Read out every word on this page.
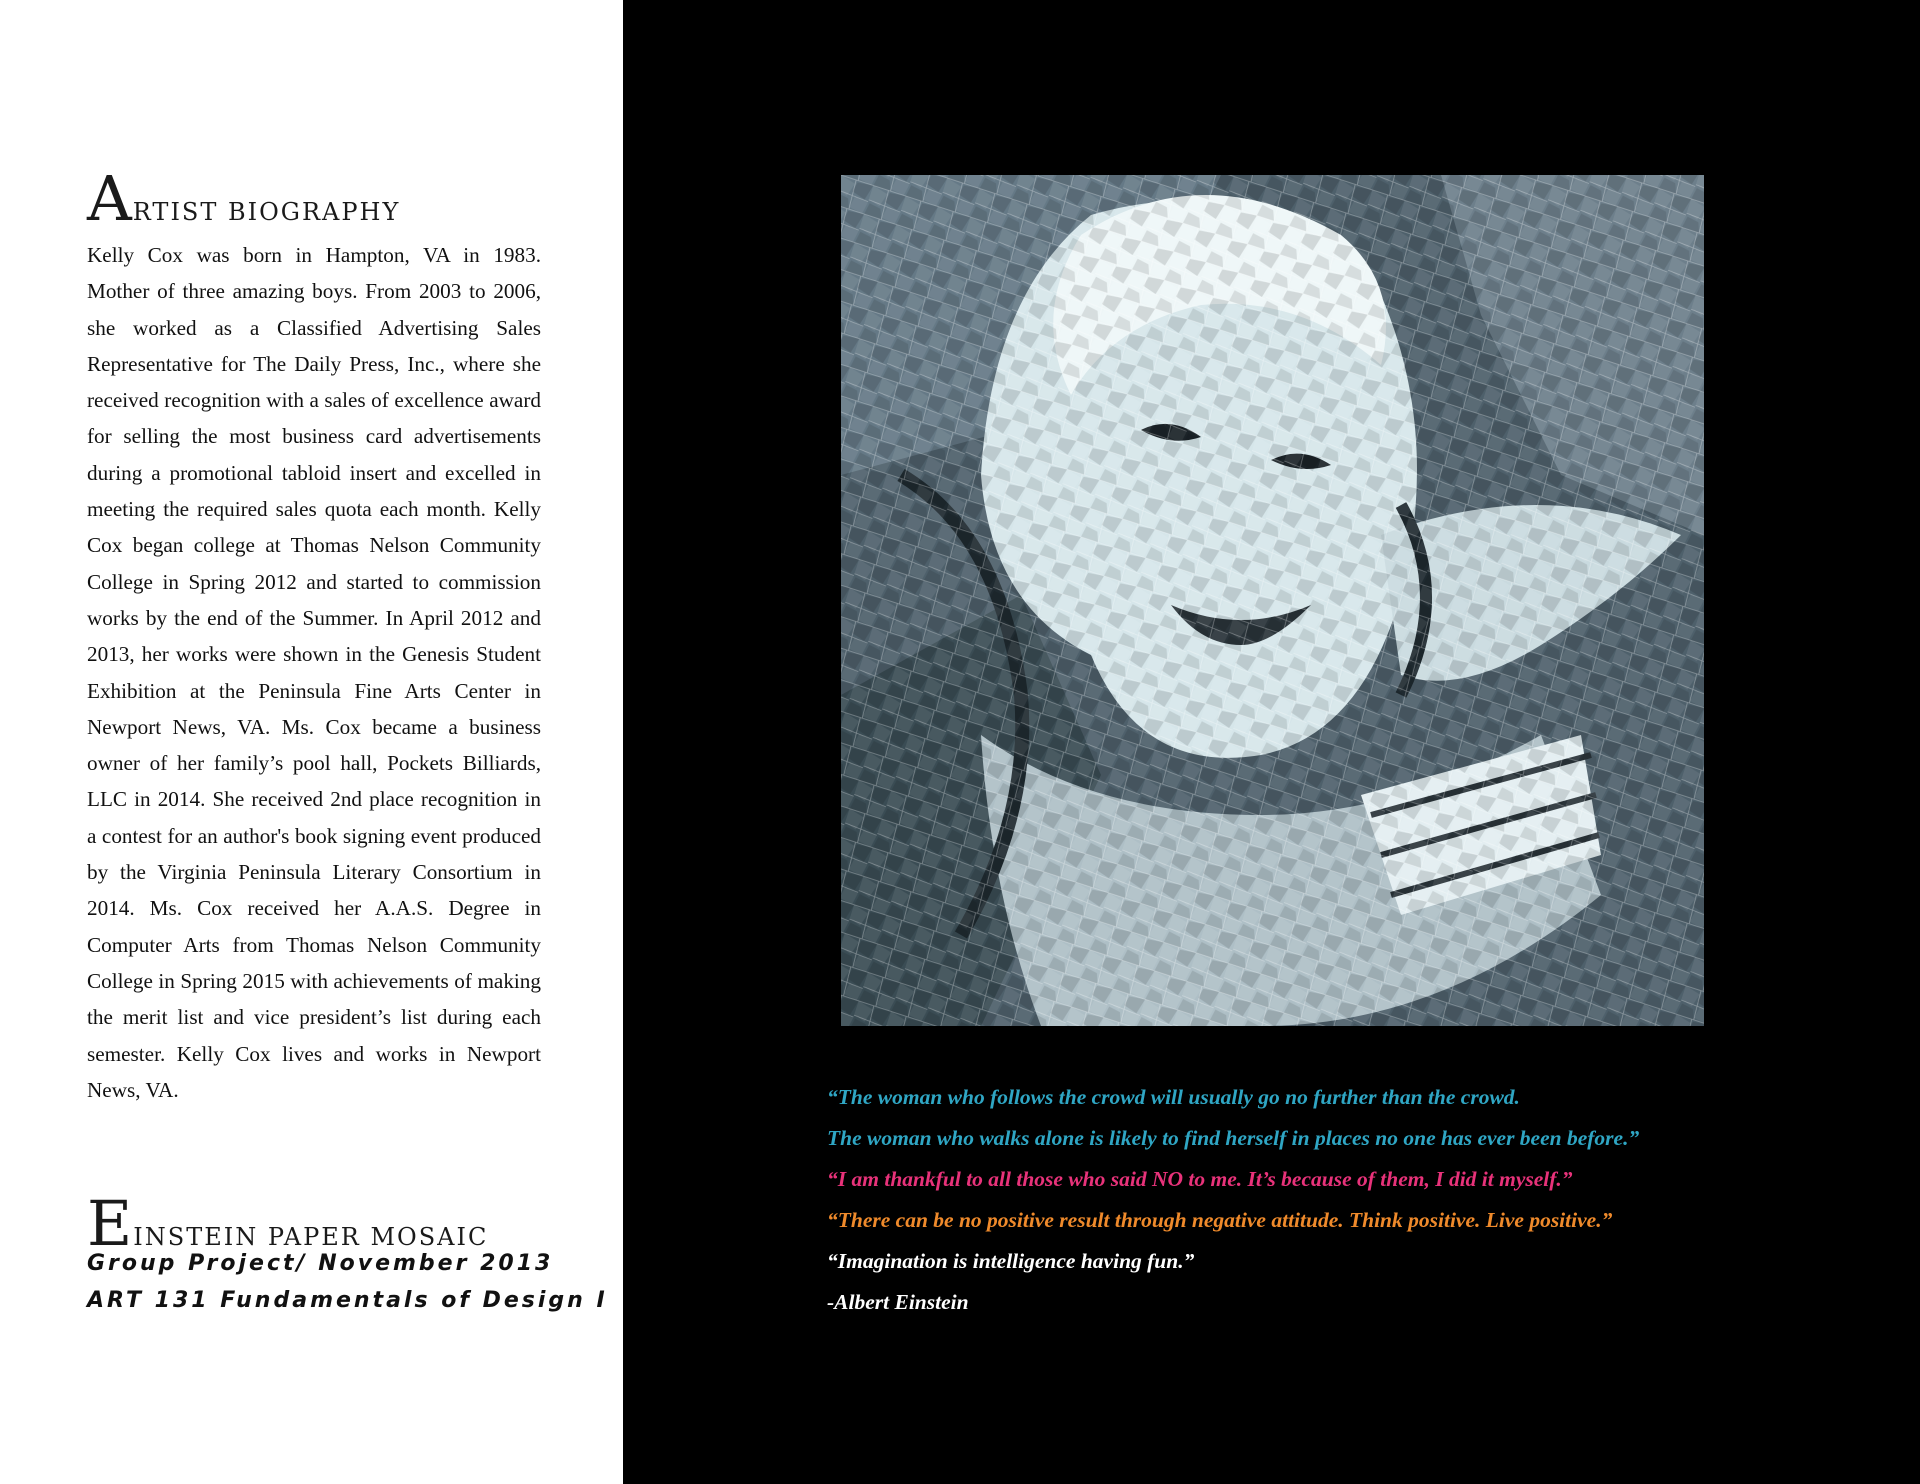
ARTIST BIOGRAPHY

Kelly Cox was born in Hampton, VA in 1983. Mother of three amazing boys. From 2003 to 2006, she worked as a Classified Advertising Sales Representative for The Daily Press, Inc., where she received recognition with a sales of excellence award for selling the most business card advertisements during a promotional tabloid insert and excelled in meeting the required sales quota each month. Kelly Cox began college at Thomas Nelson Community College in Spring 2012 and started to commission works by the end of the Summer. In April 2012 and 2013, her works were shown in the Genesis Student Exhibition at the Peninsula Fine Arts Center in Newport News, VA. Ms. Cox became a business owner of her family’s pool hall, Pockets Billiards, LLC in 2014. She received 2nd place recognition in a contest for an author's book signing event produced by the Virginia Peninsula Literary Consortium in 2014. Ms. Cox received her A.A.S. Degree in Computer Arts from Thomas Nelson Community College in Spring 2015 with achievements of making the merit list and vice president’s list during each semester. Kelly Cox lives and works in Newport News, VA.

EINSTEIN PAPER MOSAIC
Group Project/ November 2013
ART 131 Fundamentals of Design I

“The woman who follows the crowd will usually go no further than the crowd.

The woman who walks alone is likely to find herself in places no one has ever been before.”

“I am thankful to all those who said NO to me. It’s because of them, I did it myself.”

“There can be no positive result through negative attitude. Think positive. Live positive.”

“Imagination is intelligence having fun.”

-Albert Einstein
